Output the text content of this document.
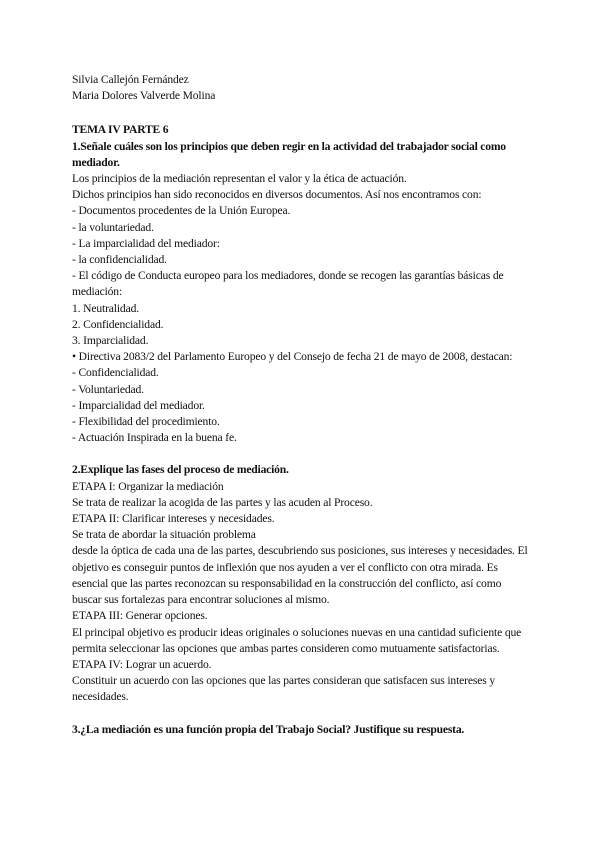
Silvia Callejón Fernández
Maria Dolores Valverde Molina
TEMA IV PARTE 6
1.Señale cuáles son los principios que deben regir en la actividad del trabajador social como mediador.
Los principios de la mediación representan el valor y la ética de actuación.
Dichos principios han sido reconocidos en diversos documentos. Así nos encontramos con:
- Documentos procedentes de la Unión Europea.
- la voluntariedad.
- La imparcialidad del mediador:
- la confidencialidad.
- El código de Conducta europeo para los mediadores, donde se recogen las garantías básicas de mediación:
1. Neutralidad.
2. Confidencialidad.
3. Imparcialidad.
• Directiva 2083/2 del Parlamento Europeo y del Consejo de fecha 21 de mayo de 2008, destacan:
- Confidencialidad.
- Voluntariedad.
- Imparcialidad del mediador.
- Flexibilidad del procedimiento.
- Actuación Inspirada en la buena fe.
2.Explique las fases del proceso de mediación.
ETAPA I: Organizar la mediación
Se trata de realizar la acogida de las partes y las acuden al Proceso.
ETAPA II: Clarificar intereses y necesidades.
Se trata de abordar la situación problema
desde la óptica de cada una de las partes, descubriendo sus posiciones, sus intereses y necesidades. El objetivo es conseguir puntos de inflexión que nos ayuden a ver el conflicto con otra mirada. Es esencial que las partes reconozcan su responsabilidad en la construcción del conflicto, así como buscar sus fortalezas para encontrar soluciones al mismo.
ETAPA III: Generar opciones.
El principal objetivo es producir ideas originales o soluciones nuevas en una cantidad suficiente que permita seleccionar las opciones que ambas partes consideren como mutuamente satisfactorias.
ETAPA IV: Lograr un acuerdo.
Constituir un acuerdo con las opciones que las partes consideran que satisfacen sus intereses y necesidades.
3.¿La mediación es una función propia del Trabajo Social? Justifique su respuesta.
